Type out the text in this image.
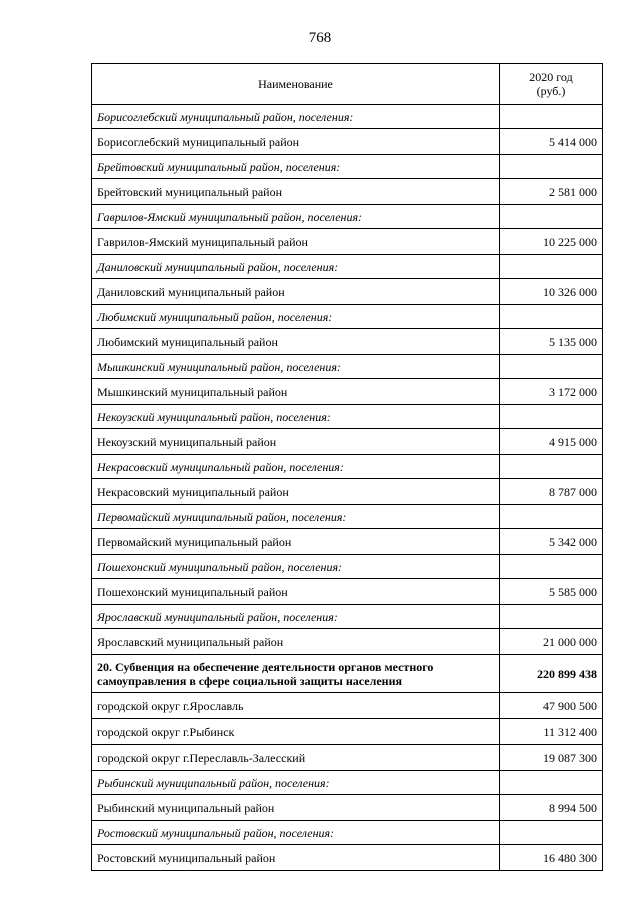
768
Наименование	2020 год
(руб.)
Борисоглебский муниципальный район, поселения:	
Борисоглебский муниципальный район	5 414 000
Брейтовский муниципальный район, поселения:	
Брейтовский муниципальный район	2 581 000
Гаврилов-Ямский муниципальный район, поселения:	
Гаврилов-Ямский муниципальный район	10 225 000
Даниловский муниципальный район, поселения:	
Даниловский муниципальный район	10 326 000
Любимский муниципальный район, поселения:	
Любимский муниципальный район	5 135 000
Мышкинский муниципальный район, поселения:	
Мышкинский муниципальный район	3 172 000
Некоузский муниципальный район, поселения:	
Некоузский муниципальный район	4 915 000
Некрасовский муниципальный район, поселения:	
Некрасовский муниципальный район	8 787 000
Первомайский муниципальный район, поселения:	
Первомайский муниципальный район	5 342 000
Пошехонский муниципальный район, поселения:	
Пошехонский муниципальный район	5 585 000
Ярославский муниципальный район, поселения:	
Ярославский муниципальный район	21 000 000
20. Субвенция на обеспечение деятельности органов местного самоуправления в сфере социальной защиты населения	220 899 438
городской округ г.Ярославль	47 900 500
городской округ г.Рыбинск	11 312 400
городской округ г.Переславль-Залесский	19 087 300
Рыбинский муниципальный район, поселения:	
Рыбинский муниципальный район	8 994 500
Ростовский муниципальный район, поселения:	
Ростовский муниципальный район	16 480 300
